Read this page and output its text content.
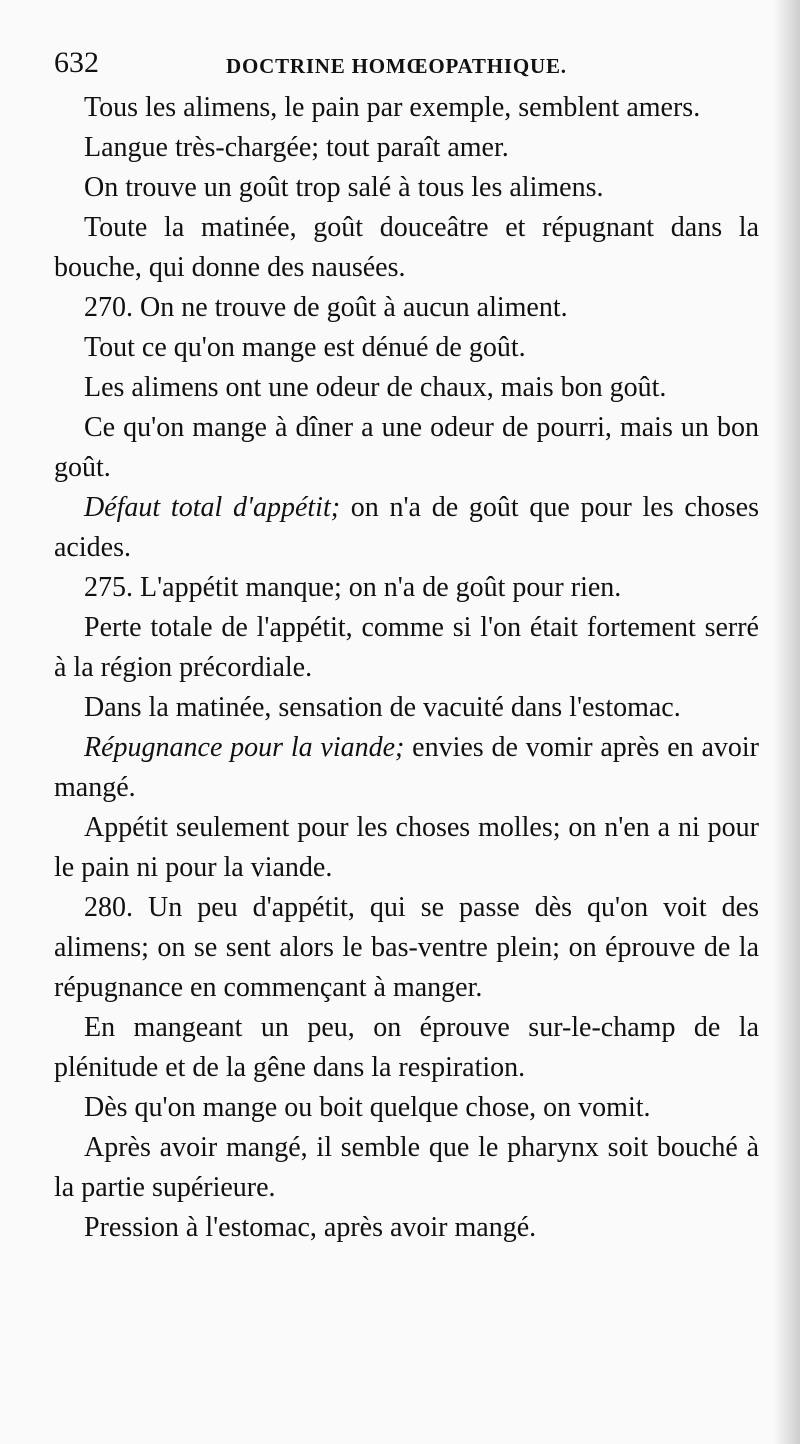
632	DOCTRINE HOMŒOPATHIQUE.

Tous les alimens, le pain par exemple, semblent amers.

Langue très-chargée; tout paraît amer.

On trouve un goût trop salé à tous les alimens.

Toute la matinée, goût douceâtre et répugnant dans la bouche, qui donne des nausées.

270. On ne trouve de goût à aucun aliment.

Tout ce qu'on mange est dénué de goût.

Les alimens ont une odeur de chaux, mais bon goût.

Ce qu'on mange à dîner a une odeur de pourri, mais un bon goût.

Défaut total d'appétit; on n'a de goût que pour les choses acides.

275. L'appétit manque; on n'a de goût pour rien.

Perte totale de l'appétit, comme si l'on était fortement serré à la région précordiale.

Dans la matinée, sensation de vacuité dans l'estomac.

Répugnance pour la viande; envies de vomir après en avoir mangé.

Appétit seulement pour les choses molles; on n'en a ni pour le pain ni pour la viande.

280. Un peu d'appétit, qui se passe dès qu'on voit des alimens; on se sent alors le bas-ventre plein; on éprouve de la répugnance en commençant à manger.

En mangeant un peu, on éprouve sur-le-champ de la plénitude et de la gêne dans la respiration.

Dès qu'on mange ou boit quelque chose, on vomit.

Après avoir mangé, il semble que le pharynx soit bouché à la partie supérieure.

Pression à l'estomac, après avoir mangé.
